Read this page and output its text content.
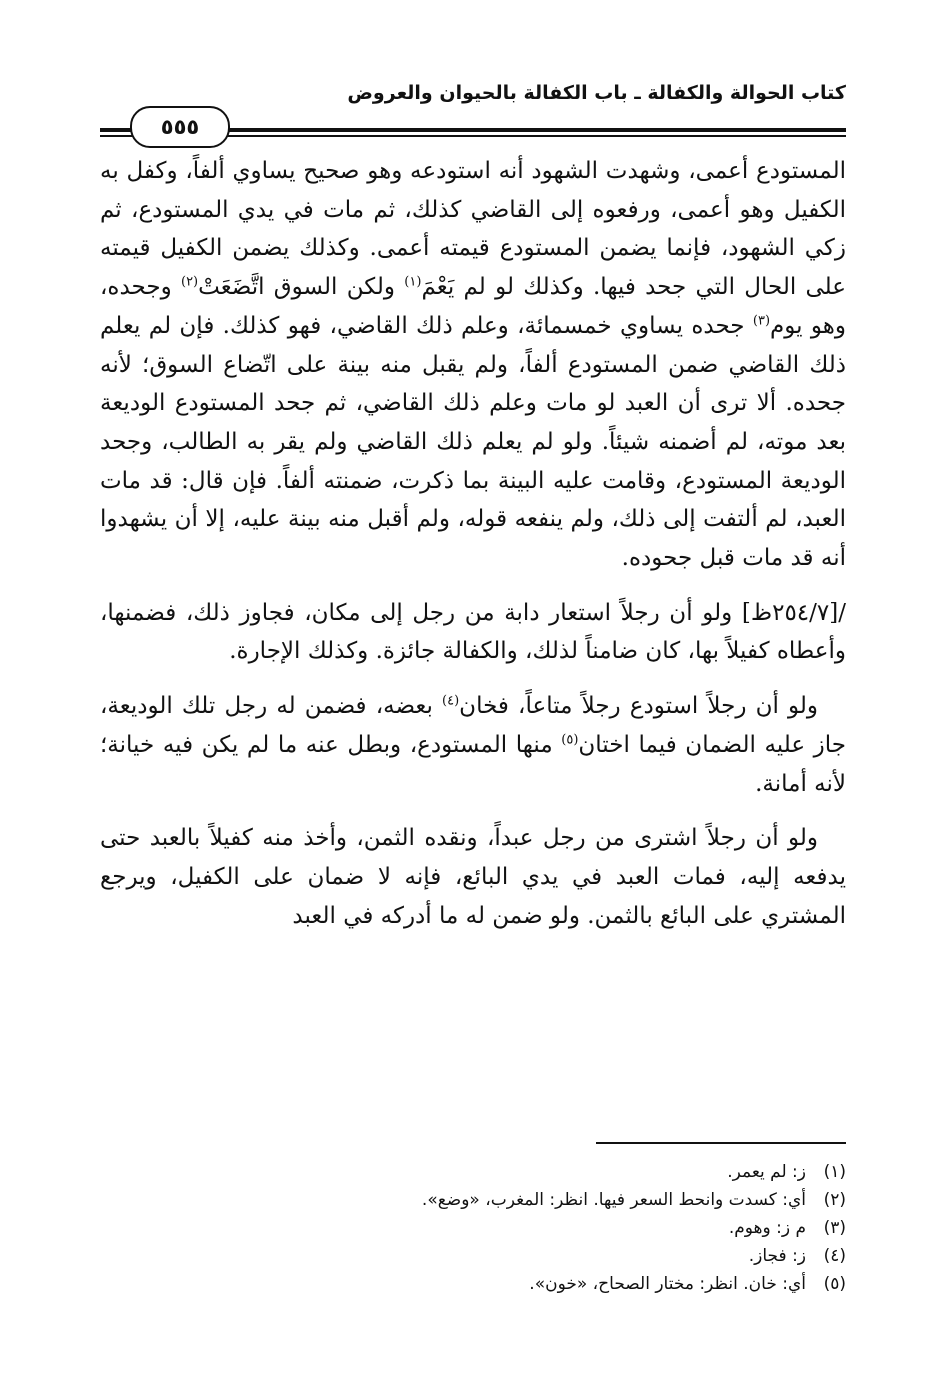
كتاب الحوالة والكفالة ـ باب الكفالة بالحيوان والعروض
٥٥٥

المستودع أعمى، وشهدت الشهود أنه استودعه وهو صحيح يساوي ألفاً، وكفل به الكفيل وهو أعمى، ورفعوه إلى القاضي كذلك، ثم مات في يدي المستودع، ثم زكي الشهود، فإنما يضمن المستودع قيمته أعمى. وكذلك يضمن الكفيل قيمته على الحال التي جحد فيها. وكذلك لو لم يَعْمَ$^{(١)}$ ولكن السوق اتَّضَعَتْ$^{(٢)}$ وجحده، وهو يوم$^{(٣)}$ جحده يساوي خمسمائة، وعلم ذلك القاضي، فهو كذلك. فإن لم يعلم ذلك القاضي ضمن المستودع ألفاً، ولم يقبل منه بينة على اتّضاع السوق؛ لأنه جحده. ألا ترى أن العبد لو مات وعلم ذلك القاضي، ثم جحد المستودع الوديعة بعد موته، لم أضمنه شيئاً. ولو لم يعلم ذلك القاضي ولم يقر به الطالب، وجحد الوديعة المستودع، وقامت عليه البينة بما ذكرت، ضمنته ألفاً. فإن قال: قد مات العبد، لم ألتفت إلى ذلك، ولم ينفعه قوله، ولم أقبل منه بينة عليه، إلا أن يشهدوا أنه قد مات قبل جحوده.

/[٢٥٤/٧ظ] ولو أن رجلاً استعار دابة من رجل إلى مكان، فجاوز ذلك، فضمنها، وأعطاه كفيلاً بها، كان ضامناً لذلك، والكفالة جائزة. وكذلك الإجارة.

ولو أن رجلاً استودع رجلاً متاعاً، فخان$^{(٤)}$ بعضه، فضمن له رجل تلك الوديعة، جاز عليه الضمان فيما اختان$^{(٥)}$ منها المستودع، وبطل عنه ما لم يكن فيه خيانة؛ لأنه أمانة.

ولو أن رجلاً اشترى من رجل عبداً، ونقده الثمن، وأخذ منه كفيلاً بالعبد حتى يدفعه إليه، فمات العبد في يدي البائع، فإنه لا ضمان على الكفيل، ويرجع المشتري على البائع بالثمن. ولو ضمن له ما أدركه في العبد

(١)ز: لم يعمر.

(٢)أي: كسدت وانحط السعر فيها. انظر: المغرب، «وضع».

(٣)م ز: وهوم.

(٤)ز: فجاز.

(٥)أي: خان. انظر: مختار الصحاح، «خون».
